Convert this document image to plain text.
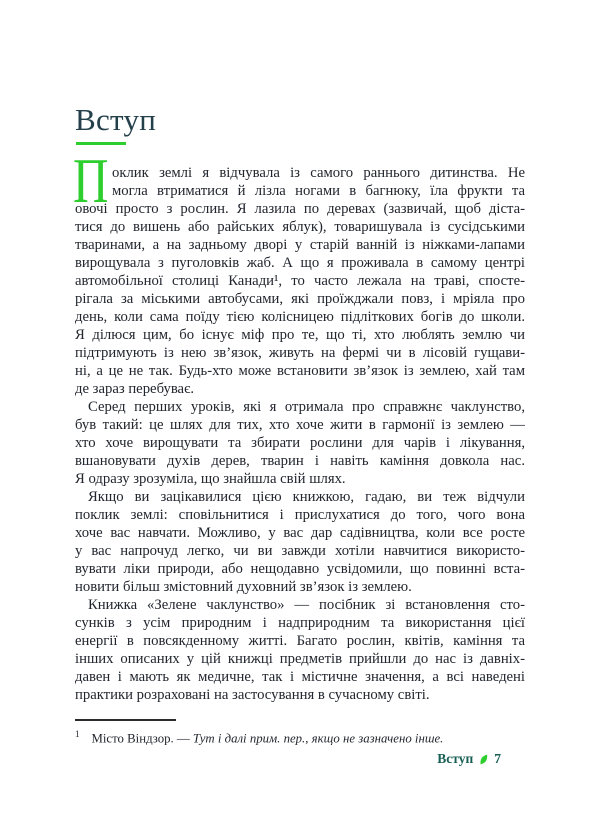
Вступ
П оклик землі я відчувала із самого раннього дитинства. Не
могла втриматися й лізла ногами в багнюку, їла фрукти та
овочі просто з рослин. Я лазила по деревах (зазвичай, щоб діста-
тися до вишень або райських яблук), товаришувала із сусідськими
тваринами, а на задньому дворі у старій ванній із ніжками-лапами
вирощувала з пуголовків жаб. А що я проживала в самому центрі
автомобільної столиці Канади¹, то часто лежала на траві, спосте-
рігала за міськими автобусами, які проїжджали повз, і мріяла про
день, коли сама поїду тією колісницею підліткових богів до школи.
Я ділюся цим, бо існує міф про те, що ті, хто люблять землю чи
підтримують із нею зв’язок, живуть на фермі чи в лісовій гущави-
ні, а це не так. Будь-хто може встановити зв’язок із землею, хай там
де зараз перебуває.
Серед перших уроків, які я отримала про справжнє чаклунство,
був такий: це шлях для тих, хто хоче жити в гармонії із землею —
хто хоче вирощувати та збирати рослини для чарів і лікування,
вшановувати духів дерев, тварин і навіть каміння довкола нас.
Я одразу зрозуміла, що знайшла свій шлях.
Якщо ви зацікавилися цією книжкою, гадаю, ви теж відчули
поклик землі: сповільнитися і прислухатися до того, чого вона
хоче вас навчати. Можливо, у вас дар садівництва, коли все росте
у вас напрочуд легко, чи ви завжди хотіли навчитися використо-
вувати ліки природи, або нещодавно усвідомили, що повинні вста-
новити більш змістовний духовний зв’язок із землею.
Книжка «Зелене чаклунство» — посібник зі встановлення сто-
сунків з усім природним і надприродним та використання цієї
енергії в повсякденному житті. Багато рослин, квітів, каміння та
інших описаних у цій книжці предметів прийшли до нас із давніх-
давен і мають як медичне, так і містичне значення, а всі наведені
практики розраховані на застосування в сучасному світі.
$^1$ Місто Віндзор. — Тут і далі прим. пер., якщо не зазначено інше.
Вступ 7
